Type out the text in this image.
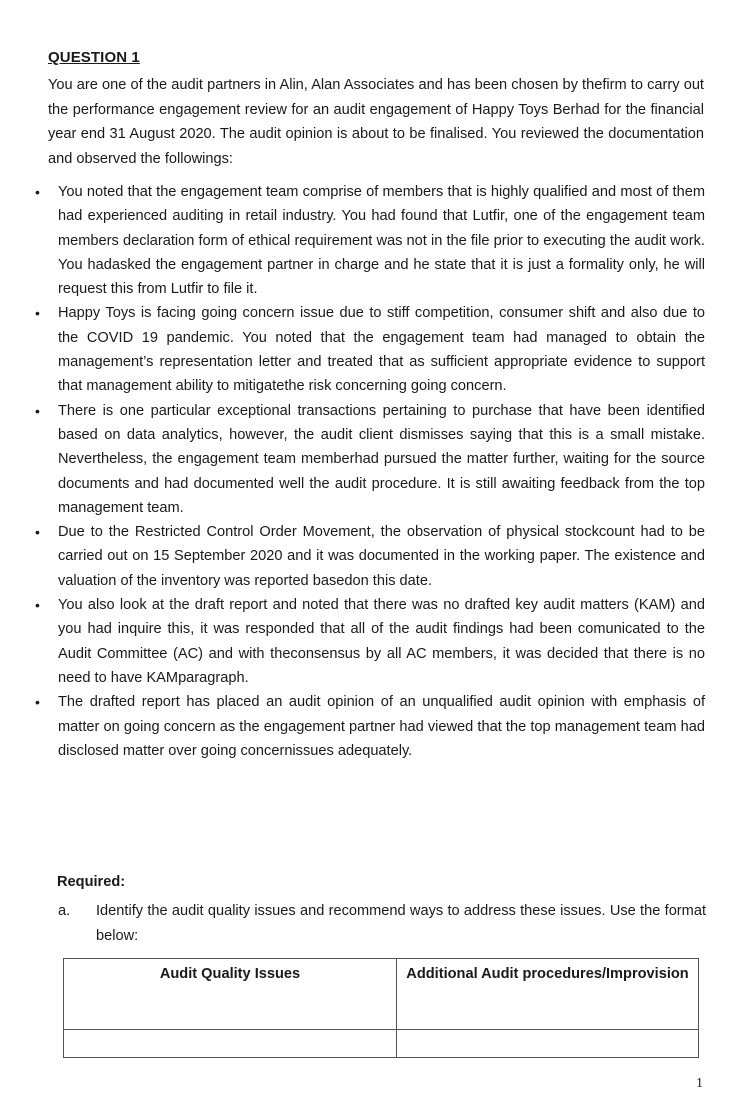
QUESTION 1

You are one of the audit partners in Alin, Alan Associates and has been chosen by thefirm to carry out the performance engagement review for an audit engagement of Happy Toys Berhad for the financial year end 31 August 2020. The audit opinion is about to be finalised. You reviewed the documentation and observed the followings:

• You noted that the engagement team comprise of members that is highly qualified and most of them had experienced auditing in retail industry. You had found that Lutfir, one of the engagement team members declaration form of ethical requirement was not in the file prior to executing the audit work. You hadasked the engagement partner in charge and he state that it is just a formality only, he will request this from Lutfir to file it.
• Happy Toys is facing going concern issue due to stiff competition, consumer shift and also due to the COVID 19 pandemic. You noted that the engagement team had managed to obtain the management’s representation letter and treated that as sufficient appropriate evidence to support that management ability to mitigatethe risk concerning going concern.
• There is one particular exceptional transactions pertaining to purchase that have been identified based on data analytics, however, the audit client dismisses saying that this is a small mistake. Nevertheless, the engagement team memberhad pursued the matter further, waiting for the source documents and had documented well the audit procedure. It is still awaiting feedback from the top management team.
• Due to the Restricted Control Order Movement, the observation of physical stockcount had to be carried out on 15 September 2020 and it was documented in the working paper. The existence and valuation of the inventory was reported basedon this date.
• You also look at the draft report and noted that there was no drafted key audit matters (KAM) and you had inquire this, it was responded that all of the audit findings had been comunicated to the Audit Committee (AC) and with theconsensus by all AC members, it was decided that there is no need to have KAMparagraph.
• The drafted report has placed an audit opinion of an unqualified audit opinion with emphasis of matter on going concern as the engagement partner had viewed that the top management team had disclosed matter over going concernissues adequately.
Required:
a. Identify the audit quality issues and recommend ways to address these issues. Use the format below:
Audit Quality Issues	Additional Audit procedures/Improvision

1
